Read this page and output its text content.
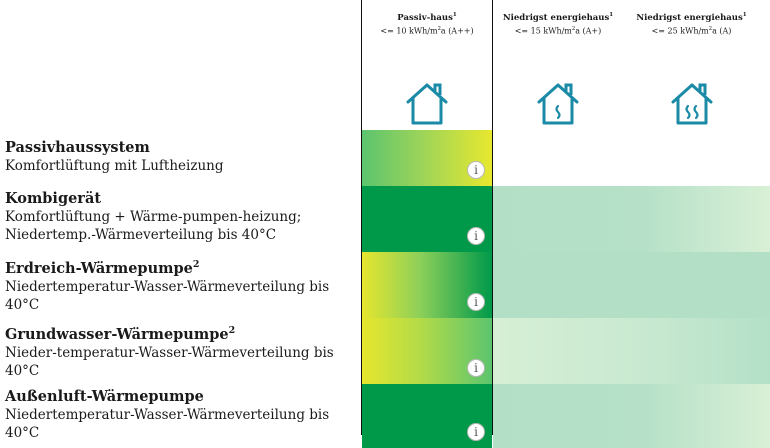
Passiv-haus$^1$
<= 10 kWh/$m^2a$ (A++)
Niedrigst energiehaus$^1$
<= 15 kWh/$m^2a$ (A+)
Niedrigst energiehaus$^1$
<= 25 kWh/$m^2a$ (A)
Passivhaussystem
Komfortlüftung mit Luftheizung	i
Kombigerät
Komfortlüftung + Wärme-pumpen-heizung; Niedertemp.-Wärmeverteilung bis 40°C	i
Erdreich-Wärmepumpe$^2$
Niedertemperatur-Wasser-Wärmeverteilung bis 40°C	i
Grundwasser-Wärmepumpe$^2$
Nieder-temperatur-Wasser-Wärmeverteilung bis 40°C	i
Außenluft-Wärmepumpe
Niedertemperatur-Wasser-Wärmeverteilung bis 40°C	i
